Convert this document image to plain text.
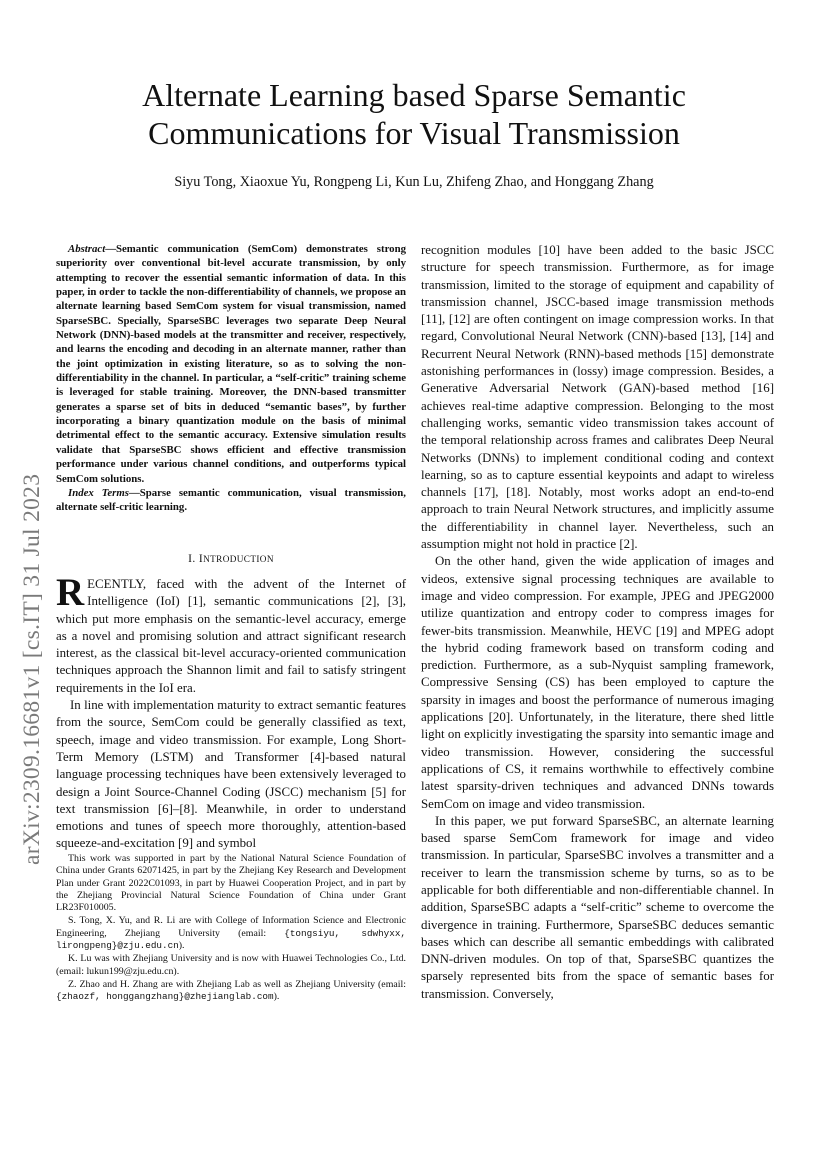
Alternate Learning based Sparse Semantic
Communications for Visual Transmission
Siyu Tong, Xiaoxue Yu, Rongpeng Li, Kun Lu, Zhifeng Zhao, and Honggang Zhang
arXiv:2309.16681v1 [cs.IT] 31 Jul 2023

Abstract—Semantic communication (SemCom) demonstrates strong superiority over conventional bit-level accurate transmission, by only attempting to recover the essential semantic information of data. In this paper, in order to tackle the non-differentiability of channels, we propose an alternate learning based SemCom system for visual transmission, named SparseSBC. Specially, SparseSBC leverages two separate Deep Neural Network (DNN)-based models at the transmitter and receiver, respectively, and learns the encoding and decoding in an alternate manner, rather than the joint optimization in existing literature, so as to solving the non-differentiability in the channel. In particular, a “self-critic” training scheme is leveraged for stable training. Moreover, the DNN-based transmitter generates a sparse set of bits in deduced “semantic bases”, by further incorporating a binary quantization module on the basis of minimal detrimental effect to the semantic accuracy. Extensive simulation results validate that SparseSBC shows efficient and effective transmission performance under various channel conditions, and outperforms typical SemCom solutions.

Index Terms—Sparse semantic communication, visual transmission, alternate self-critic learning.

I. INTRODUCTION

RECENTLY, faced with the advent of the Internet of Intelligence (IoI) [1], semantic communications [2], [3], which put more emphasis on the semantic-level accuracy, emerge as a novel and promising solution and attract significant research interest, as the classical bit-level accuracy-oriented communication techniques approach the Shannon limit and fail to satisfy stringent requirements in the IoI era.

In line with implementation maturity to extract semantic features from the source, SemCom could be generally classified as text, speech, image and video transmission. For example, Long Short-Term Memory (LSTM) and Transformer [4]-based natural language processing techniques have been extensively leveraged to design a Joint Source-Channel Coding (JSCC) mechanism [5] for text transmission [6]–[8]. Meanwhile, in order to understand emotions and tunes of speech more thoroughly, attention-based squeeze-and-excitation [9] and symbol

This work was supported in part by the National Natural Science Foundation of China under Grants 62071425, in part by the Zhejiang Key Research and Development Plan under Grant 2022C01093, in part by Huawei Cooperation Project, and in part by the Zhejiang Provincial Natural Science Foundation of China under Grant LR23F010005.

S. Tong, X. Yu, and R. Li are with College of Information Science and Electronic Engineering, Zhejiang University (email: {tongsiyu, sdwhyxx, lirongpeng}@zju.edu.cn).

K. Lu was with Zhejiang University and is now with Huawei Technologies Co., Ltd. (email: lukun199@zju.edu.cn).

Z. Zhao and H. Zhang are with Zhejiang Lab as well as Zhejiang University (email: {zhaozf, honggangzhang}@zhejianglab.com).

recognition modules [10] have been added to the basic JSCC structure for speech transmission. Furthermore, as for image transmission, limited to the storage of equipment and capability of transmission channel, JSCC-based image transmission methods [11], [12] are often contingent on image compression works. In that regard, Convolutional Neural Network (CNN)-based [13], [14] and Recurrent Neural Network (RNN)-based methods [15] demonstrate astonishing performances in (lossy) image compression. Besides, a Generative Adversarial Network (GAN)-based method [16] achieves real-time adaptive compression. Belonging to the most challenging works, semantic video transmission takes account of the temporal relationship across frames and calibrates Deep Neural Networks (DNNs) to implement conditional coding and context learning, so as to capture essential keypoints and adapt to wireless channels [17], [18]. Notably, most works adopt an end-to-end approach to train Neural Network structures, and implicitly assume the differentiability in channel layer. Nevertheless, such an assumption might not hold in practice [2].

On the other hand, given the wide application of images and videos, extensive signal processing techniques are available to image and video compression. For example, JPEG and JPEG2000 utilize quantization and entropy coder to compress images for fewer-bits transmission. Meanwhile, HEVC [19] and MPEG adopt the hybrid coding framework based on transform coding and prediction. Furthermore, as a sub-Nyquist sampling framework, Compressive Sensing (CS) has been employed to capture the sparsity in images and boost the performance of numerous imaging applications [20]. Unfortunately, in the literature, there shed little light on explicitly investigating the sparsity into semantic image and video transmission. However, considering the successful applications of CS, it remains worthwhile to effectively combine latest sparsity-driven techniques and advanced DNNs towards SemCom on image and video transmission.

In this paper, we put forward SparseSBC, an alternate learning based sparse SemCom framework for image and video transmission. In particular, SparseSBC involves a transmitter and a receiver to learn the transmission scheme by turns, so as to be applicable for both differentiable and non-differentiable channel. In addition, SparseSBC adapts a “self-critic” scheme to overcome the divergence in training. Furthermore, SparseSBC deduces semantic bases which can describe all semantic embeddings with calibrated DNN-driven modules. On top of that, SparseSBC quantizes the sparsely represented bits from the space of semantic bases for transmission. Conversely,
